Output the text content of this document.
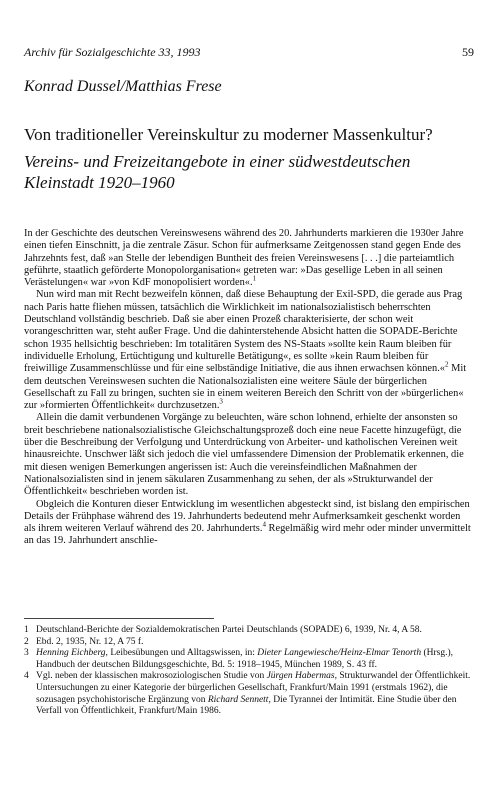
Archiv für Sozialgeschichte 33, 1993	59
Konrad Dussel/Matthias Frese
Von traditioneller Vereinskultur zu moderner Massenkultur?
Vereins- und Freizeitangebote in einer südwestdeutschen Kleinstadt 1920–1960

In der Geschichte des deutschen Vereinswesens während des 20. Jahrhunderts markieren die 1930er Jahre einen tiefen Einschnitt, ja die zentrale Zäsur. Schon für aufmerksame Zeitgenossen stand gegen Ende des Jahrzehnts fest, daß »an Stelle der lebendigen Buntheit des freien Vereinswesens [. . .] die parteiamtlich geführte, staatlich geförderte Monopolorganisation« getreten war: »Das gesellige Leben in all seinen Verästelungen« war »von KdF monopolisiert worden«.$^1$

Nun wird man mit Recht bezweifeln können, daß diese Behauptung der Exil-SPD, die gerade aus Prag nach Paris hatte fliehen müssen, tatsächlich die Wirklichkeit im nationalsozialistisch beherrschten Deutschland vollständig beschrieb. Daß sie aber einen Prozeß charakterisierte, der schon weit vorangeschritten war, steht außer Frage. Und die dahinterstehende Absicht hatten die SOPADE-Berichte schon 1935 hellsichtig beschrieben: Im totalitären System des NS-Staats »sollte kein Raum bleiben für individuelle Erholung, Ertüchtigung und kulturelle Betätigung«, es sollte »kein Raum bleiben für freiwillige Zusammenschlüsse und für eine selbständige Initiative, die aus ihnen erwachsen können.«$^2$ Mit dem deutschen Vereinswesen suchten die Nationalsozialisten eine weitere Säule der bürgerlichen Gesellschaft zu Fall zu bringen, suchten sie in einem weiteren Bereich den Schritt von der »bürgerlichen« zur »formierten Öffentlichkeit« durchzusetzen.$^3$

Allein die damit verbundenen Vorgänge zu beleuchten, wäre schon lohnend, erhielte der ansonsten so breit beschriebene nationalsozialistische Gleichschaltungsprozeß doch eine neue Facette hinzugefügt, die über die Beschreibung der Verfolgung und Unterdrückung von Arbeiter- und katholischen Vereinen weit hinausreichte. Unschwer läßt sich jedoch die viel umfassendere Dimension der Problematik erkennen, die mit diesen wenigen Bemerkungen angerissen ist: Auch die vereinsfeindlichen Maßnahmen der Nationalsozialisten sind in jenem säkularen Zusammenhang zu sehen, der als »Strukturwandel der Öffentlichkeit« beschrieben worden ist.

Obgleich die Konturen dieser Entwicklung im wesentlichen abgesteckt sind, ist bislang den empirischen Details der Frühphase während des 19. Jahrhunderts bedeutend mehr Aufmerksamkeit geschenkt worden als ihrem weiteren Verlauf während des 20. Jahrhunderts.$^4$ Regelmäßig wird mehr oder minder unvermittelt an das 19. Jahrhundert anschlie-

1 Deutschland-Berichte der Sozialdemokratischen Partei Deutschlands (SOPADE) 6, 1939, Nr. 4, A 58.
2 Ebd. 2, 1935, Nr. 12, A 75 f.
3 Henning Eichberg, Leibesübungen und Alltagswissen, in: Dieter Langewiesche/Heinz-Elmar Tenorth (Hrsg.), Handbuch der deutschen Bildungsgeschichte, Bd. 5: 1918–1945, München 1989, S. 43 ff.
4 Vgl. neben der klassischen makrosoziologischen Studie von Jürgen Habermas, Strukturwandel der Öffentlichkeit. Untersuchungen zu einer Kategorie der bürgerlichen Gesellschaft, Frankfurt/Main 1991 (erstmals 1962), die sozusagen psychohistorische Ergänzung von Richard Sennett, Die Tyrannei der Intimität. Eine Studie über den Verfall von Öffentlichkeit, Frankfurt/Main 1986.
